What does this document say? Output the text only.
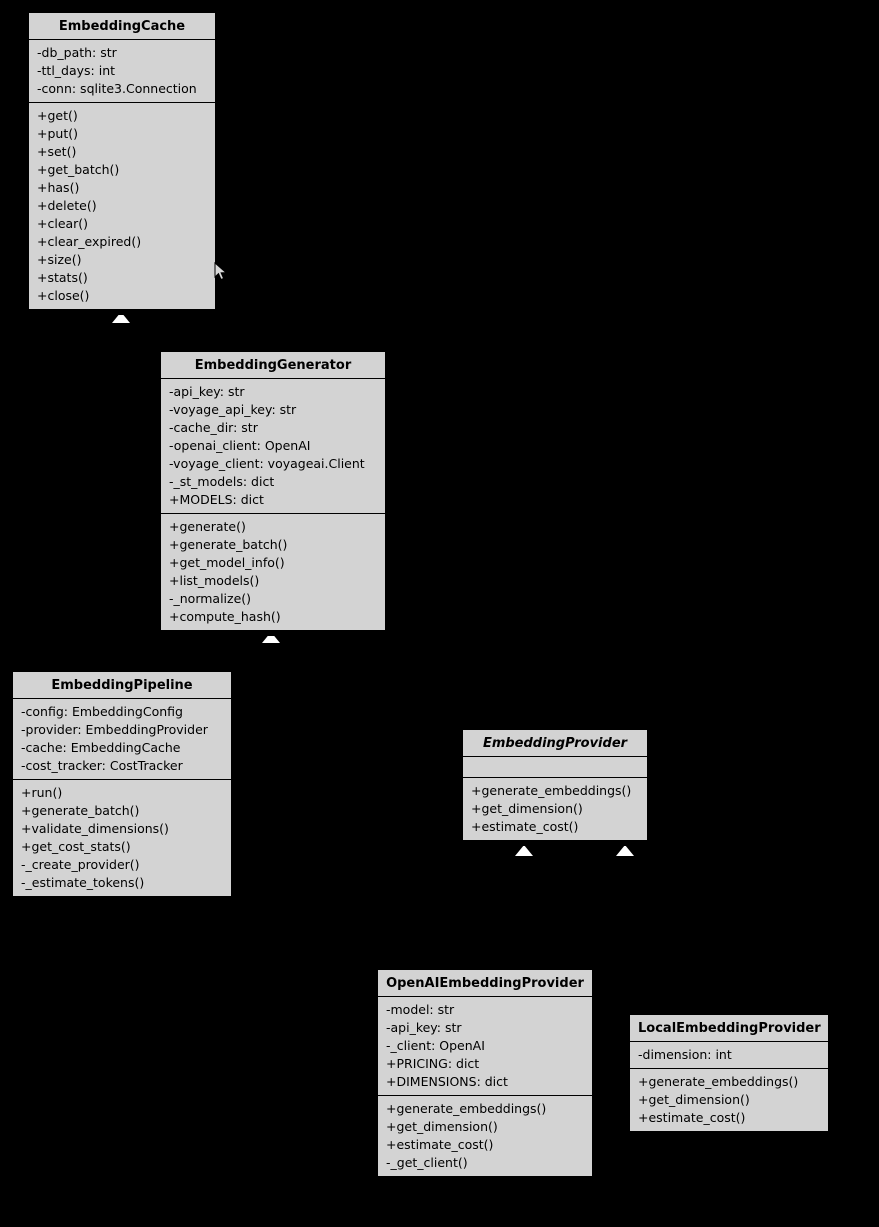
EmbeddingCache
-db_path: str
-ttl_days: int
-conn: sqlite3.Connection
+get()
+put()
+set()
+get_batch()
+has()
+delete()
+clear()
+clear_expired()
+size()
+stats()
+close()
EmbeddingGenerator
-api_key: str
-voyage_api_key: str
-cache_dir: str
-openai_client: OpenAI
-voyage_client: voyageai.Client
-_st_models: dict
+MODELS: dict
+generate()
+generate_batch()
+get_model_info()
+list_models()
-_normalize()
+compute_hash()
EmbeddingPipeline
-config: EmbeddingConfig
-provider: EmbeddingProvider
-cache: EmbeddingCache
-cost_tracker: CostTracker
+run()
+generate_batch()
+validate_dimensions()
+get_cost_stats()
-_create_provider()
-_estimate_tokens()
EmbeddingProvider
+generate_embeddings()
+get_dimension()
+estimate_cost()
OpenAIEmbeddingProvider
-model: str
-api_key: str
-_client: OpenAI
+PRICING: dict
+DIMENSIONS: dict
+generate_embeddings()
+get_dimension()
+estimate_cost()
-_get_client()
LocalEmbeddingProvider
-dimension: int
+generate_embeddings()
+get_dimension()
+estimate_cost()
